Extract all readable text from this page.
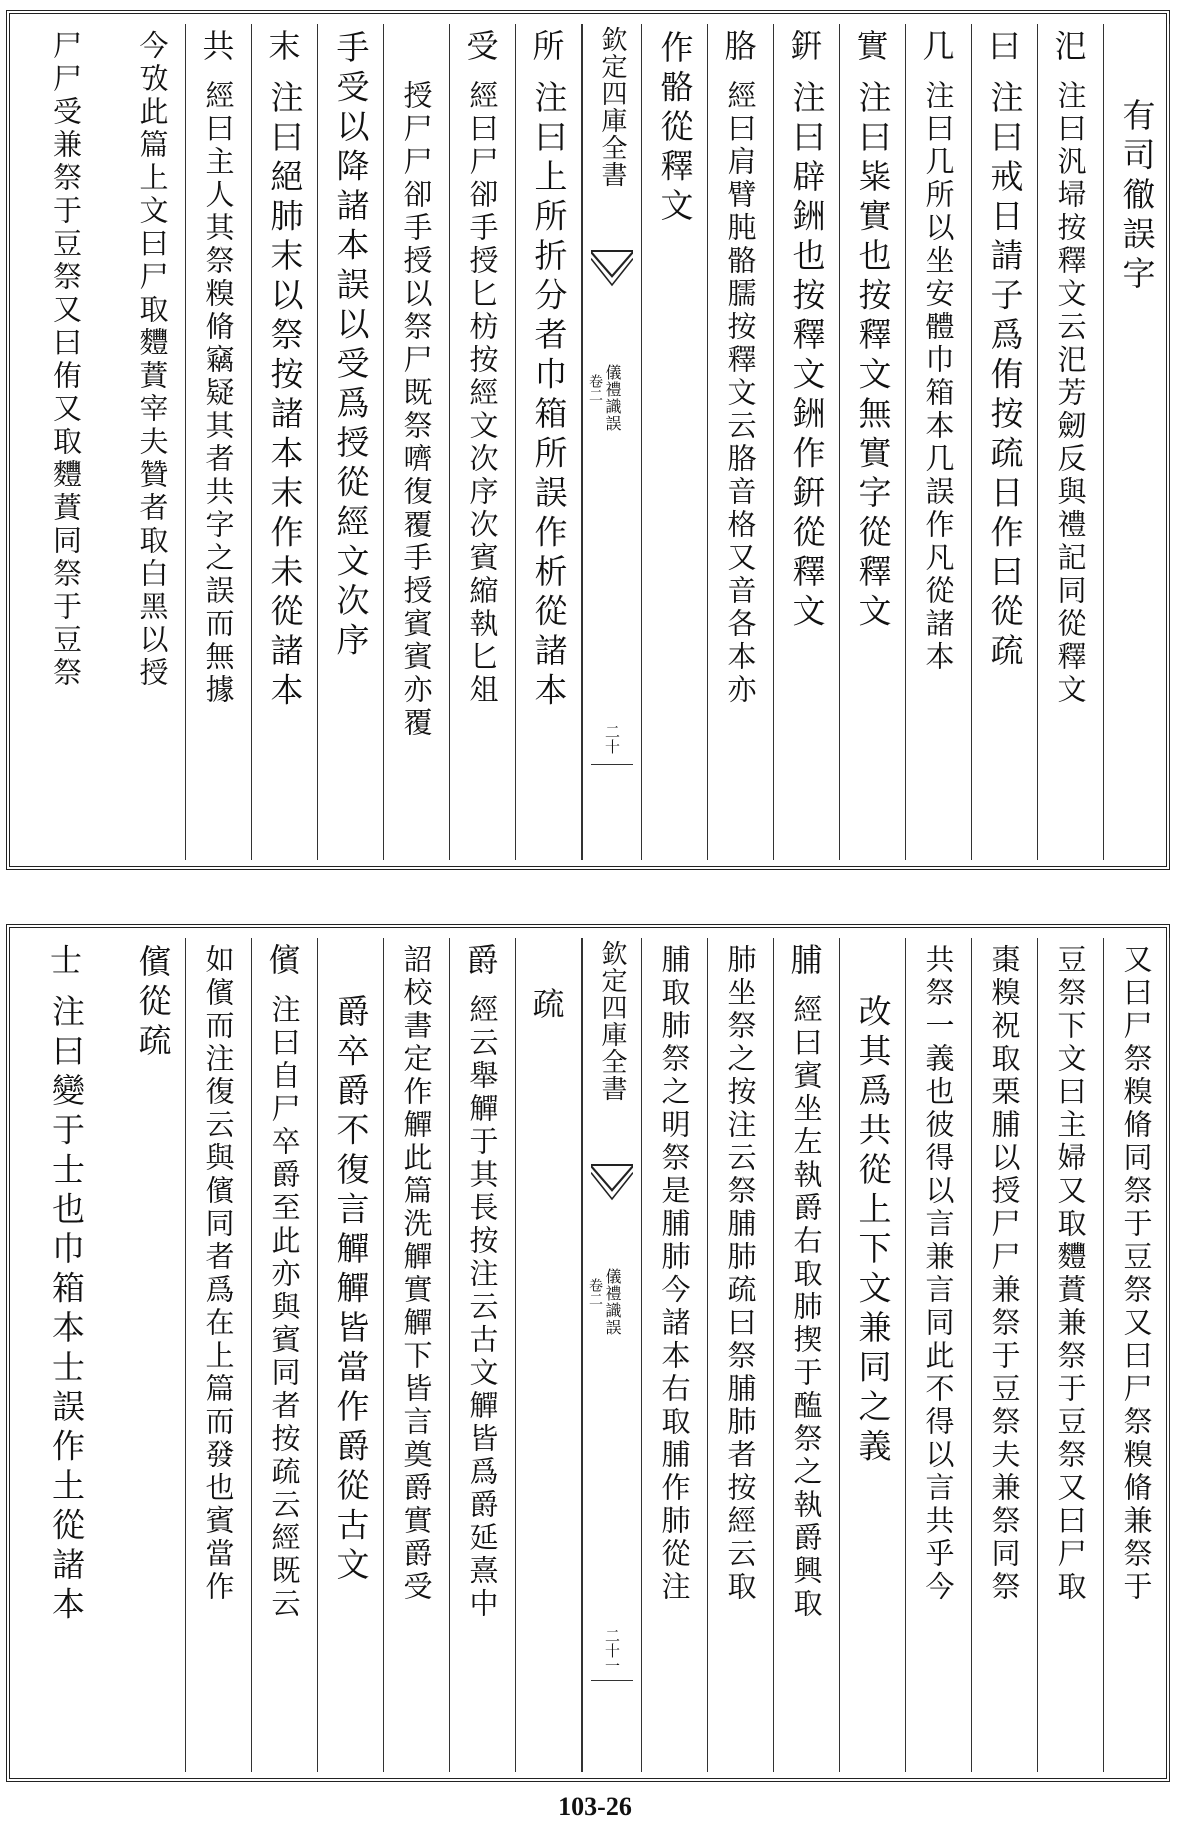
有司徹誤字
汜
注曰汎埽按釋文云汜芳劒反與禮記同從釋文
曰
注曰戒日請子爲侑按疏日作曰從疏
几
注曰几所以坐安體巾箱本几誤作凡從諸本
實
注曰粊實也按釋文無實字從釋文
銒
注曰辟銂也按釋文銂作銒從釋文
胳
經曰肩臂肫骼臑按釋文云胳音格又音各本亦
作骼從釋文
欽定四庫全書
儀禮識誤
卷二
二十
所
注曰上所折分者巾箱所誤作析從諸本
受
經曰尸卻手授匕枋按經文次序次賓縮執匕俎
授尸尸卻手授以祭尸既祭嚌復覆手授賓賓亦覆
手受以降諸本誤以受爲授從經文次序
末
注曰絕肺末以祭按諸本末作未從諸本
共
經曰主人其祭糗脩竊疑其者共字之誤而無據
今攷此篇上文曰尸取麷蕡宰夫贊者取白黑以授
尸尸受兼祭于豆祭又曰侑又取麷蕡同祭于豆祭
又曰尸祭糗脩同祭于豆祭又曰尸祭糗脩兼祭于
豆祭下文曰主婦又取麷蕡兼祭于豆祭又曰尸取
棗糗祝取栗脯以授尸尸兼祭于豆祭夫兼祭同祭
共祭一義也彼得以言兼言同此不得以言共乎今
改其爲共從上下文兼同之義
脯
經曰賓坐左執爵右取肺揳于醢祭之執爵興取
肺坐祭之按注云祭脯肺疏曰祭脯肺者按經云取
脯取肺祭之明祭是脯肺今諸本右取脯作肺從注
欽定四庫全書
儀禮識誤
卷二
二十一
疏
爵
經云舉觶于其長按注云古文觶皆爲爵延熹中
詔校書定作觶此篇洗觶實觶下皆言奠爵實爵受
爵卒爵不復言觶觶皆當作爵從古文
儐
注曰自尸卒爵至此亦與賓同者按疏云經既云
如儐而注復云與儐同者爲在上篇而發也賓當作
儐從疏
士
注曰變于士也巾箱本士誤作土從諸本
103-26
